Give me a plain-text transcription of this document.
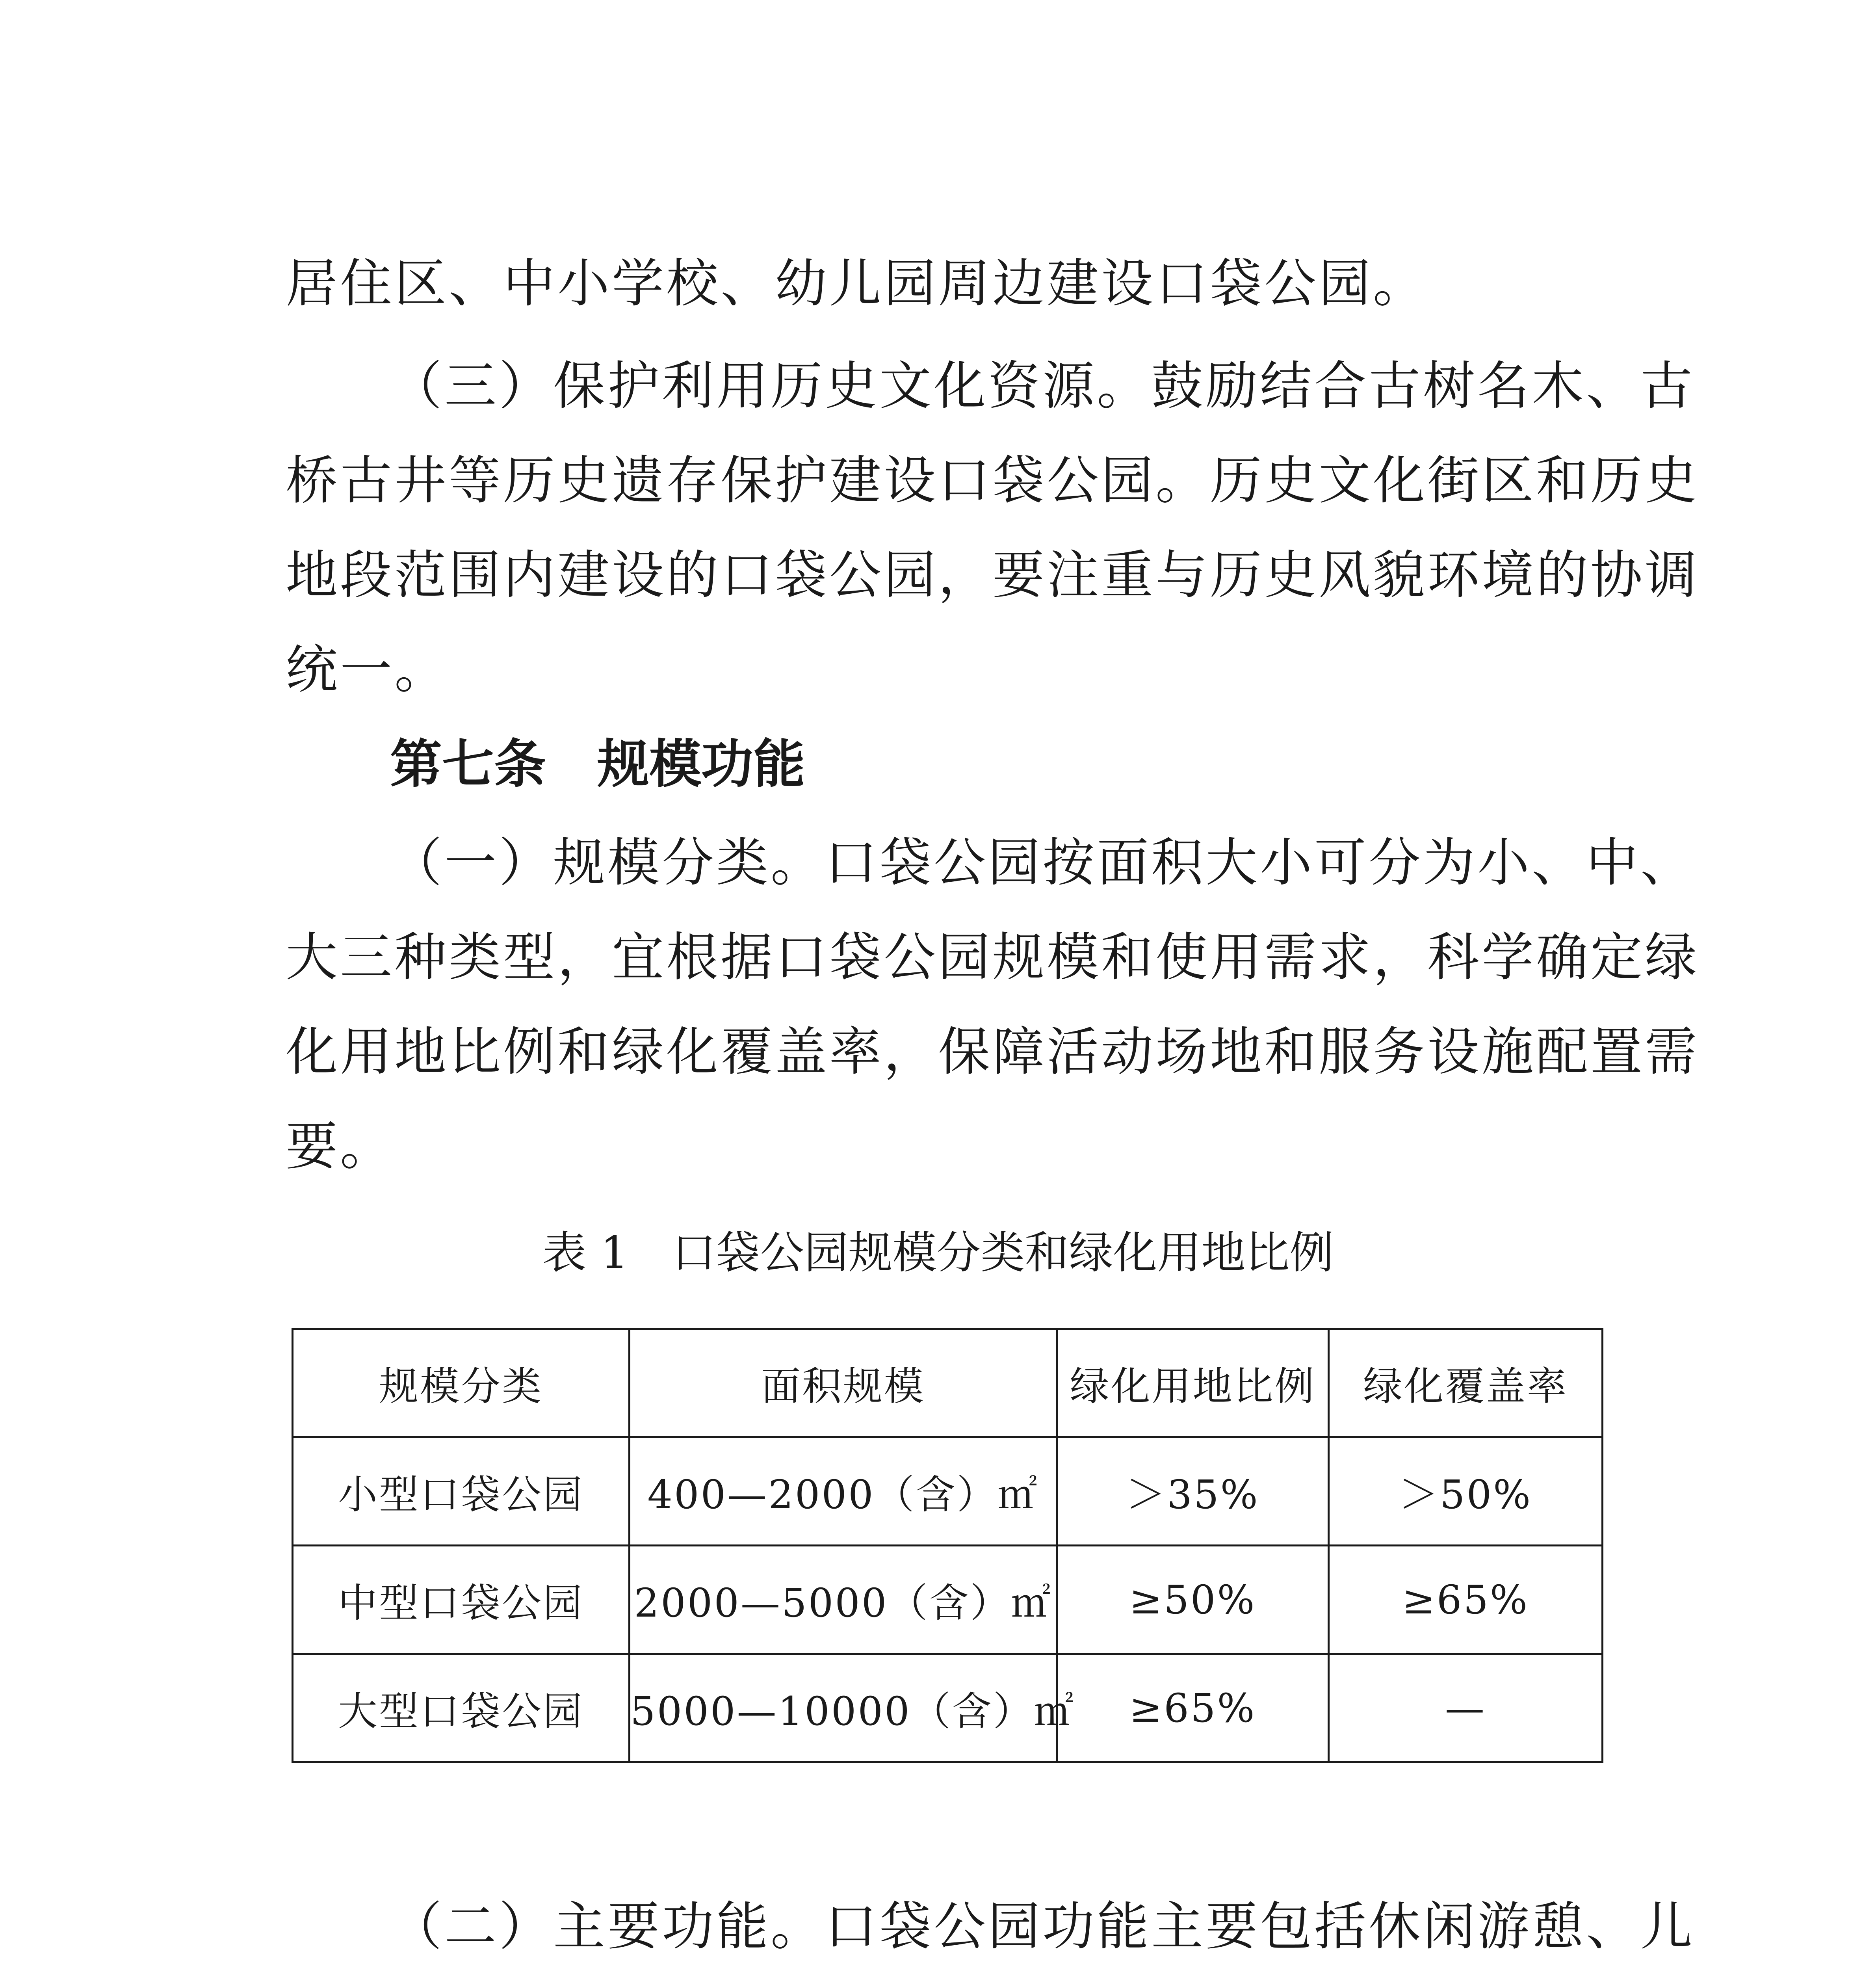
居住区、中小学校、幼儿园周边建设口袋公园。
（三）保护利用历史文化资源。鼓励结合古树名木、古
桥古井等历史遗存保护建设口袋公园。历史文化街区和历史
地段范围内建设的口袋公园，要注重与历史风貌环境的协调
统一。
第七条 规模功能
（一）规模分类。口袋公园按面积大小可分为小、中、
大三种类型，宜根据口袋公园规模和使用需求，科学确定绿
化用地比例和绿化覆盖率，保障活动场地和服务设施配置需
要。
表 1 口袋公园规模分类和绿化用地比例
规模分类	面积规模	绿化用地比例	绿化覆盖率
小型口袋公园	400—2000（含）㎡	＞35%	＞50%
中型口袋公园	2000—5000（含）㎡	≥50%	≥65%
大型口袋公园	5000—10000（含）㎡	≥65%	—
（二）主要功能。口袋公园功能主要包括休闲游憩、儿
